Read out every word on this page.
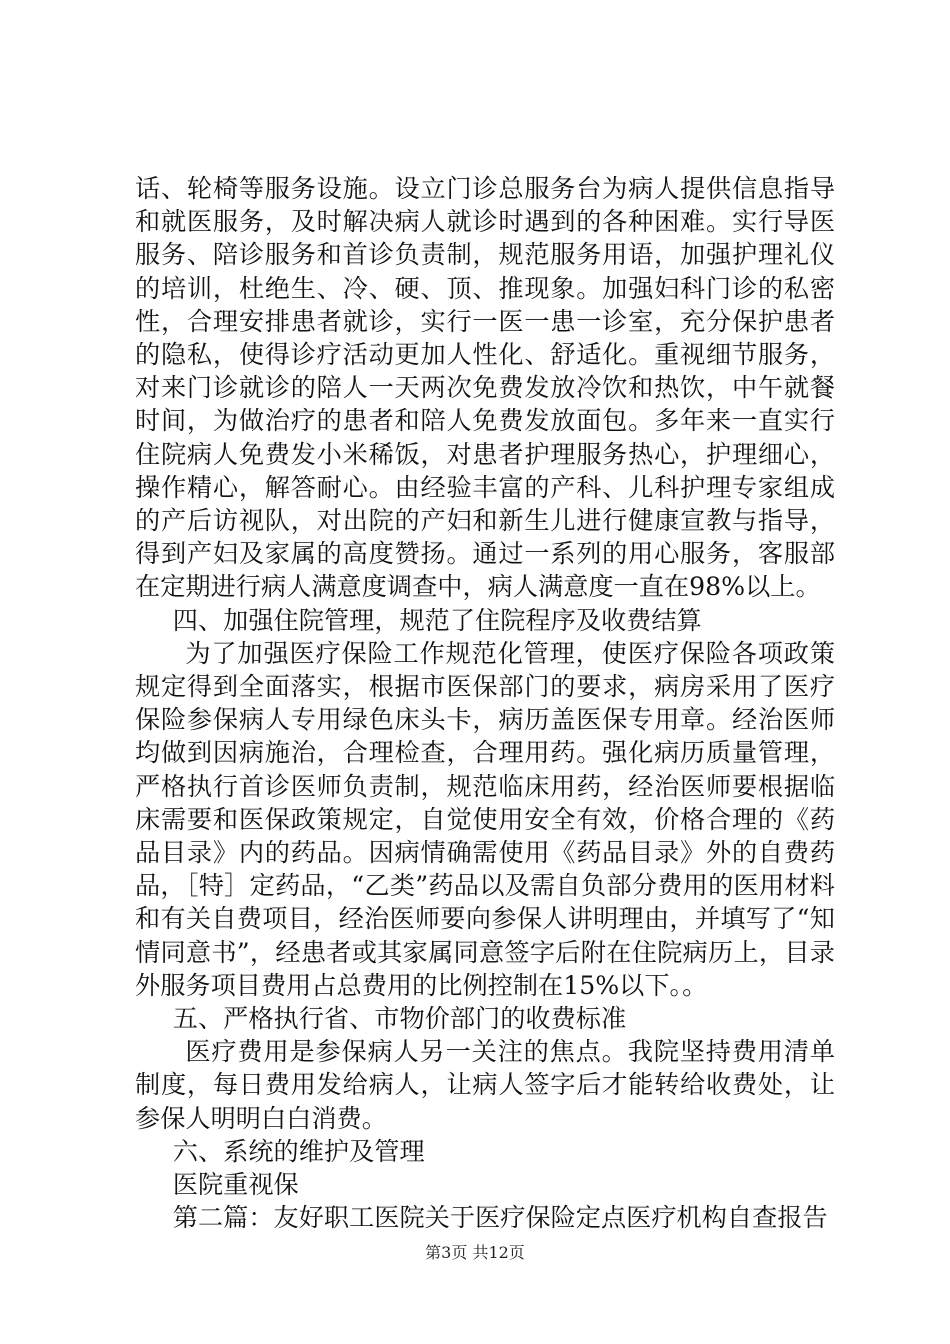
话、轮椅等服务设施。设立门诊总服务台为病人提供信息指导和就医服务，及时解决病人就诊时遇到的各种困难。实行导医服务、陪诊服务和首诊负责制，规范服务用语，加强护理礼仪的培训，杜绝生、冷、硬、顶、推现象。加强妇科门诊的私密性，合理安排患者就诊，实行一医一患一诊室，充分保护患者的隐私，使得诊疗活动更加人性化、舒适化。重视细节服务，对来门诊就诊的陪人一天两次免费发放冷饮和热饮，中午就餐时间，为做治疗的患者和陪人免费发放面包。多年来一直实行住院病人免费发小米稀饭，对患者护理服务热心，护理细心，操作精心，解答耐心。由经验丰富的产科、儿科护理专家组成的产后访视队，对出院的产妇和新生儿进行健康宣教与指导，得到产妇及家属的高度赞扬。通过一系列的用心服务，客服部在定期进行病人满意度调查中，病人满意度一直在98%以上。

四、加强住院管理，规范了住院程序及收费结算

为了加强医疗保险工作规范化管理，使医疗保险各项政策规定得到全面落实，根据市医保部门的要求，病房采用了医疗保险参保病人专用绿色床头卡，病历盖医保专用章。经治医师均做到因病施治，合理检查，合理用药。强化病历质量管理，严格执行首诊医师负责制，规范临床用药，经治医师要根据临床需要和医保政策规定，自觉使用安全有效，价格合理的《药品目录》内的药品。因病情确需使用《药品目录》外的自费药品，［特］定药品，“乙类”药品以及需自负部分费用的医用材料和有关自费项目，经治医师要向参保人讲明理由，并填写了“知情同意书”，经患者或其家属同意签字后附在住院病历上，目录外服务项目费用占总费用的比例控制在15%以下。。

五、严格执行省、市物价部门的收费标准

医疗费用是参保病人另一关注的焦点。我院坚持费用清单制度，每日费用发给病人，让病人签字后才能转给收费处，让参保人明明白白消费。

六、系统的维护及管理

医院重视保

第二篇：友好职工医院关于医疗保险定点医疗机构自查报告

第3页 共12页
